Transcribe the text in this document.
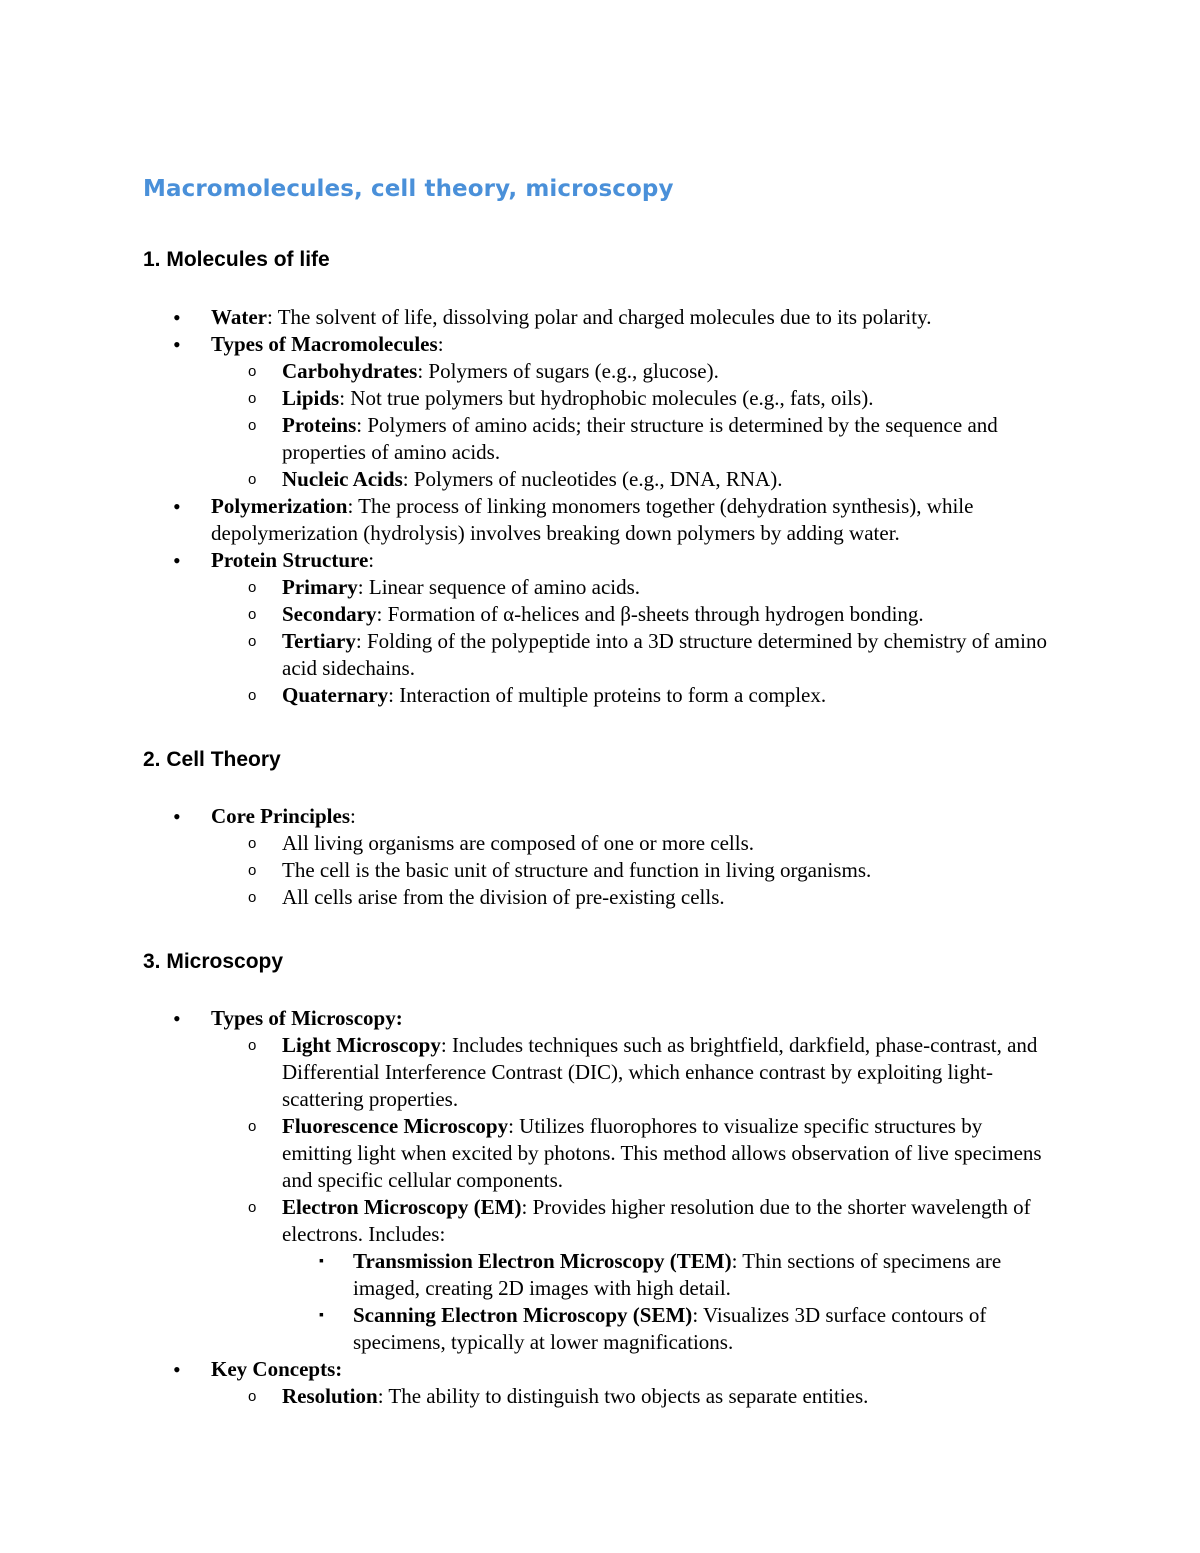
Macromolecules, cell theory, microscopy
1. Molecules of life
2. Cell Theory
3. Microscopy
• Water: The solvent of life, dissolving polar and charged molecules due to its polarity.
• Types of Macromolecules:
o Carbohydrates: Polymers of sugars (e.g., glucose).
o Lipids: Not true polymers but hydrophobic molecules (e.g., fats, oils).
o Proteins: Polymers of amino acids; their structure is determined by the sequence and properties of amino acids.
o Nucleic Acids: Polymers of nucleotides (e.g., DNA, RNA).
• Polymerization: The process of linking monomers together (dehydration synthesis), while depolymerization (hydrolysis) involves breaking down polymers by adding water.
• Protein Structure:
o Primary: Linear sequence of amino acids.
o Secondary: Formation of α-helices and β-sheets through hydrogen bonding.
o Tertiary: Folding of the polypeptide into a 3D structure determined by chemistry of amino acid sidechains.
o Quaternary: Interaction of multiple proteins to form a complex.
• Core Principles:
o All living organisms are composed of one or more cells.
o The cell is the basic unit of structure and function in living organisms.
o All cells arise from the division of pre-existing cells.
• Types of Microscopy:
o Light Microscopy: Includes techniques such as brightfield, darkfield, phase-contrast, and Differential Interference Contrast (DIC), which enhance contrast by exploiting light-scattering properties.
o Fluorescence Microscopy: Utilizes fluorophores to visualize specific structures by emitting light when excited by photons. This method allows observation of live specimens and specific cellular components.
o Electron Microscopy (EM): Provides higher resolution due to the shorter wavelength of electrons. Includes:
▪ Transmission Electron Microscopy (TEM): Thin sections of specimens are imaged, creating 2D images with high detail.
▪ Scanning Electron Microscopy (SEM): Visualizes 3D surface contours of specimens, typically at lower magnifications.
• Key Concepts:
o Resolution: The ability to distinguish two objects as separate entities.
